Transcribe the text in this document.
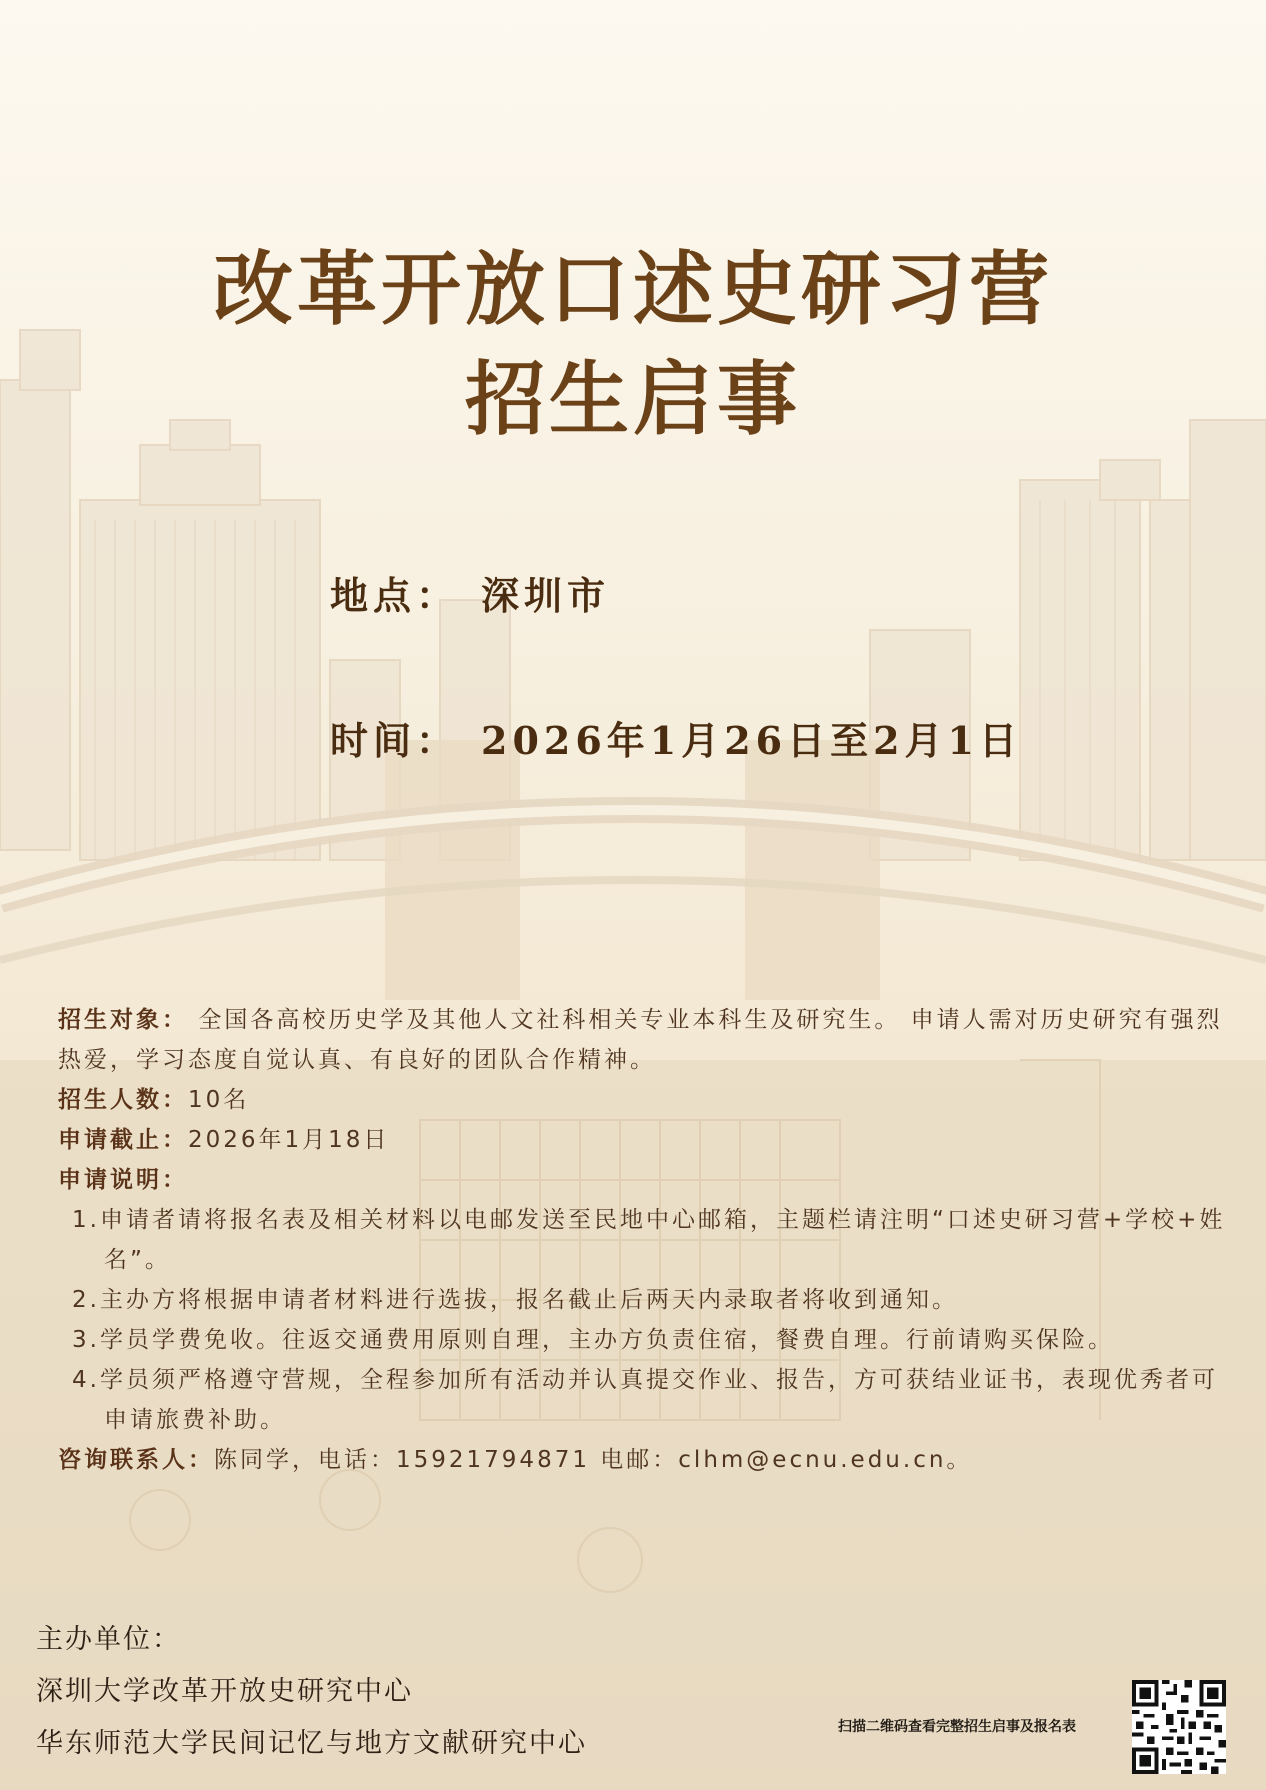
改革开放口述史研习营
招生启事
地点： 深圳市
时间： 2026年1月26日至2月1日

招生对象： 全国各高校历史学及其他人文社科相关专业本科生及研究生。 申请人需对历史研究有强烈热爱，学习态度自觉认真、有良好的团队合作精神。

招生人数：10名

申请截止：2026年1月18日

申请说明：

1.申请者请将报名表及相关材料以电邮发送至民地中心邮箱，主题栏请注明“口述史研习营+学校+姓名”。

2.主办方将根据申请者材料进行选拔，报名截止后两天内录取者将收到通知。

3.学员学费免收。往返交通费用原则自理，主办方负责住宿，餐费自理。行前请购买保险。

4.学员须严格遵守营规，全程参加所有活动并认真提交作业、报告，方可获结业证书，表现优秀者可申请旅费补助。

咨询联系人：陈同学，电话：15921794871 电邮：clhm@ecnu.edu.cn。

主办单位：
深圳大学改革开放史研究中心
华东师范大学民间记忆与地方文献研究中心
扫描二维码查看完整招生启事及报名表
